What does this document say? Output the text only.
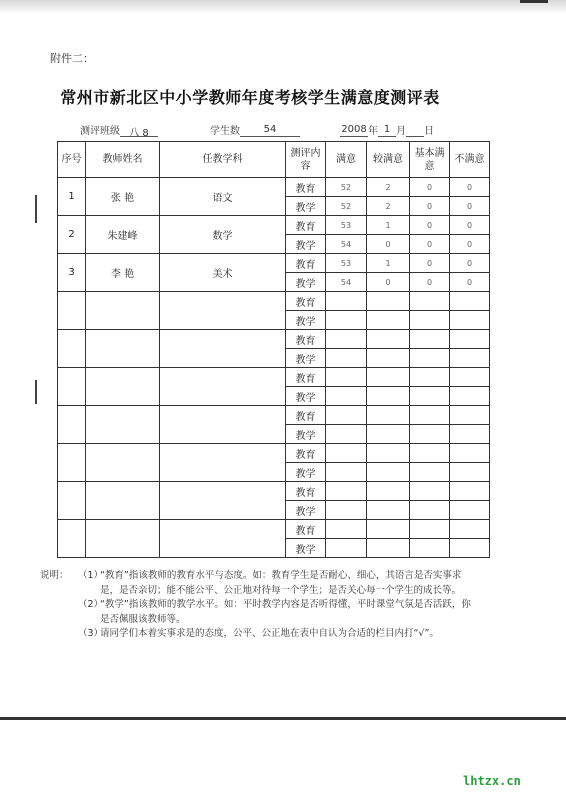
附件二：
常州市新北区中小学教师年度考核学生满意度测评表
测评班级 八 8	学生数 54	2008年 1 月 日
序号	教师姓名	任教学科	测评内容	满意	较满意	基本满意	不满意
1	张 艳	语文	教育	52	2	0	0
			教学	52	2	0	0
2	朱建峰	数学	教育	53	1	0	0
			教学	54	0	0	0
3	李 艳	美术	教育	53	1	0	0
			教学	54	0	0	0
			教育				
			教学				
			教育				
			教学				
			教育				
			教学				
			教育				
			教学				
			教育				
			教学				
			教育				
			教学				
			教育				
			教学				
说明： （1）
“教育”指该教师的教育水平与态度。如：教育学生是否耐心、细心，其语言是否实事求是，是否亲切；能不能公平、公正地对待每一个学生；是否关心每一个学生的成长等。
（2）
“教学”指该教师的教学水平。如：平时教学内容是否听得懂，平时课堂气氛是否活跃，你是否佩服该教师等。
（3）
请同学们本着实事求是的态度，公平、公正地在表中自认为合适的栏目内打“√”。
lhtzx.cn
